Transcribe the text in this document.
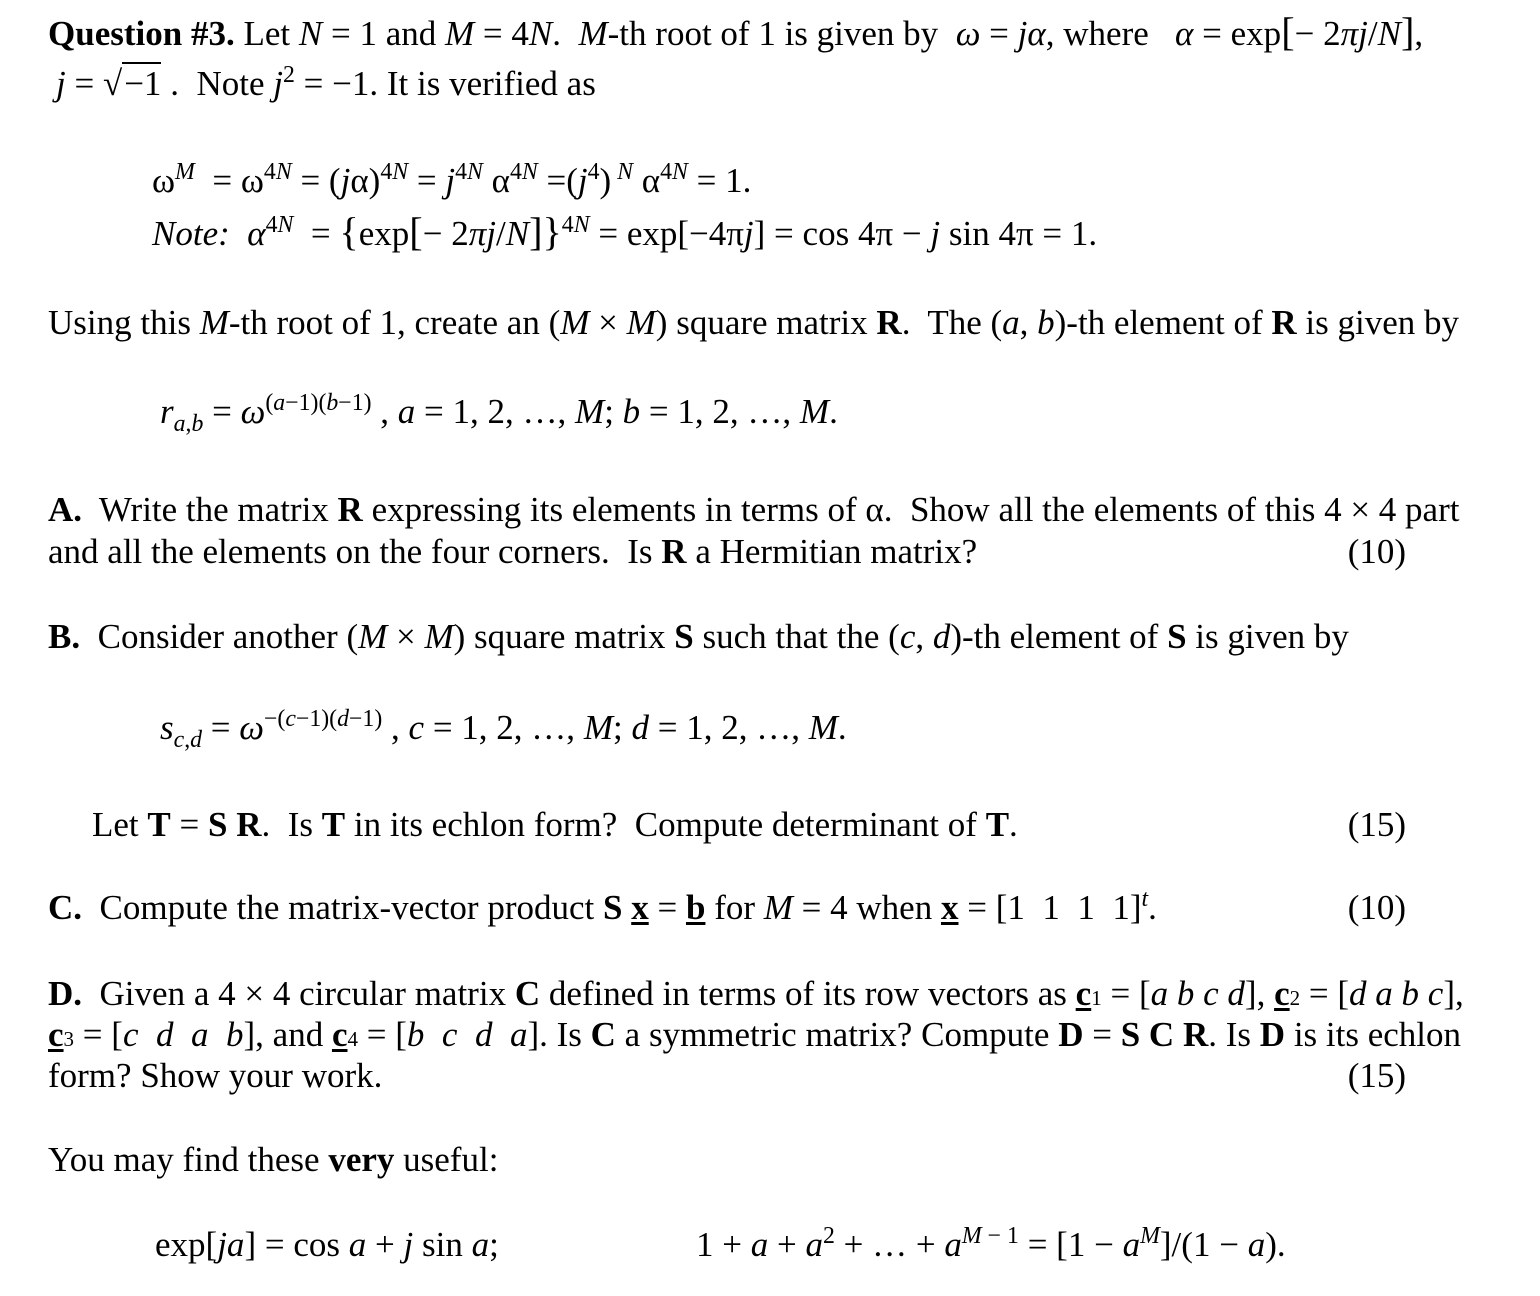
Question #3. Let N = 1 and M = 4N.  M-th root of 1 is given by  ω = jα, where   α = exp[− 2πj/N],
j = √−1 .  Note $j^2 = -1$. It is verified as
$\omega^M = \omega^{4N} = (j\alpha)^{4N} = j^{4N}$ $\alpha^{4N} =(j^4)$ $^N$ $\alpha^{4N} = 1$.
Note:  $\alpha^{4N} = \{\exp[- 2\pi j/N]\}^{4N} = \exp[-4\pi j] = \cos 4\pi - j$ sin 4π = 1.
Using this M-th root of 1, create an (M × M) square matrix R.  The (a, b)-th element of R is given by
$r_{a,b} = \omega^{(a-1)(b-1)}$ , a = 1, 2, …, M; b = 1, 2, …, M.
A.  Write the matrix R expressing its elements in terms of α.  Show all the elements of this 4 × 4 part
and all the elements on the four corners.  Is R a Hermitian matrix?	(10)
B.  Consider another (M × M) square matrix S such that the (c, d)-th element of S is given by
$s_{c,d} = \omega^{-(c-1)(d-1)}$ , c = 1, 2, …, M; d = 1, 2, …, M.
Let T = S R.  Is T in its echlon form?  Compute determinant of T.	(15)
C.  Compute the matrix-vector product S x = b for M = 4 when x = [1  1  1  1]$^t$.	(10)
D.  Given a 4 × 4 circular matrix C defined in terms of its row vectors as c1 = [a b c d], c2 = [d a b c],
c3 = [c  d  a  b], and c4 = [b  c  d  a]. Is C a symmetric matrix? Compute D = S C R. Is D is its echlon
form? Show your work.	(15)
You may find these very useful:
exp[ja] = cos a + j sin a;	$1 + a + a^2$ + … + $a^{M - 1} = [1 - a^M]/(1 - a)$.
